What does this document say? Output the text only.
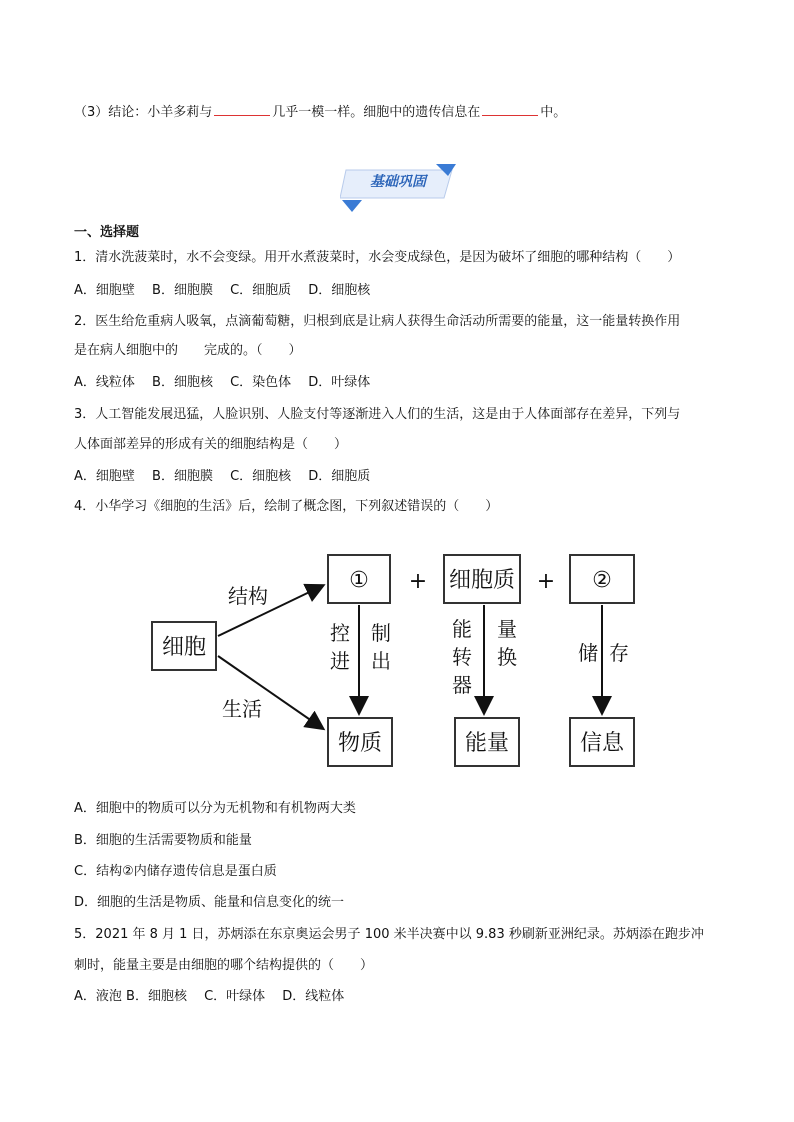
（3）结论：小羊多莉与	几乎一模一样。细胞中的遗传信息在	中。
基础巩固
一、选择题
1．清水洗菠菜时，水不会变绿。用开水煮菠菜时，水会变成绿色，是因为破坏了细胞的哪种结构（　　）
A．细胞壁　 B．细胞膜　 C．细胞质　 D．细胞核
2．医生给危重病人吸氧，点滴葡萄糖，归根到底是让病人获得生命活动所需要的能量，这一能量转换作用
是在病人细胞中的　　完成的。（　　）
A．线粒体　 B．细胞核　 C．染色体　 D．叶绿体
3．人工智能发展迅猛，人脸识别、人脸支付等逐渐进入人们的生活，这是由于人体面部存在差异，下列与
人体面部差异的形成有关的细胞结构是（　　）
A．细胞壁　 B．细胞膜　 C．细胞核　 D．细胞质
4．小华学习《细胞的生活》后，绘制了概念图，下列叙述错误的（　　）
细胞
结构
生活
① + 细胞质 + ②
控进
制出
能转器
量换	储 存
物质	能量	信息
A．细胞中的物质可以分为无机物和有机物两大类
B．细胞的生活需要物质和能量
C．结构②内储存遗传信息是蛋白质
D．细胞的生活是物质、能量和信息变化的统一
5．2021 年 8 月 1 日，苏炳添在东京奥运会男子 100 米半决赛中以 9.83 秒刷新亚洲纪录。苏炳添在跑步冲
刺时，能量主要是由细胞的哪个结构提供的（　　）
A．液泡 B．细胞核　 C．叶绿体　 D．线粒体
